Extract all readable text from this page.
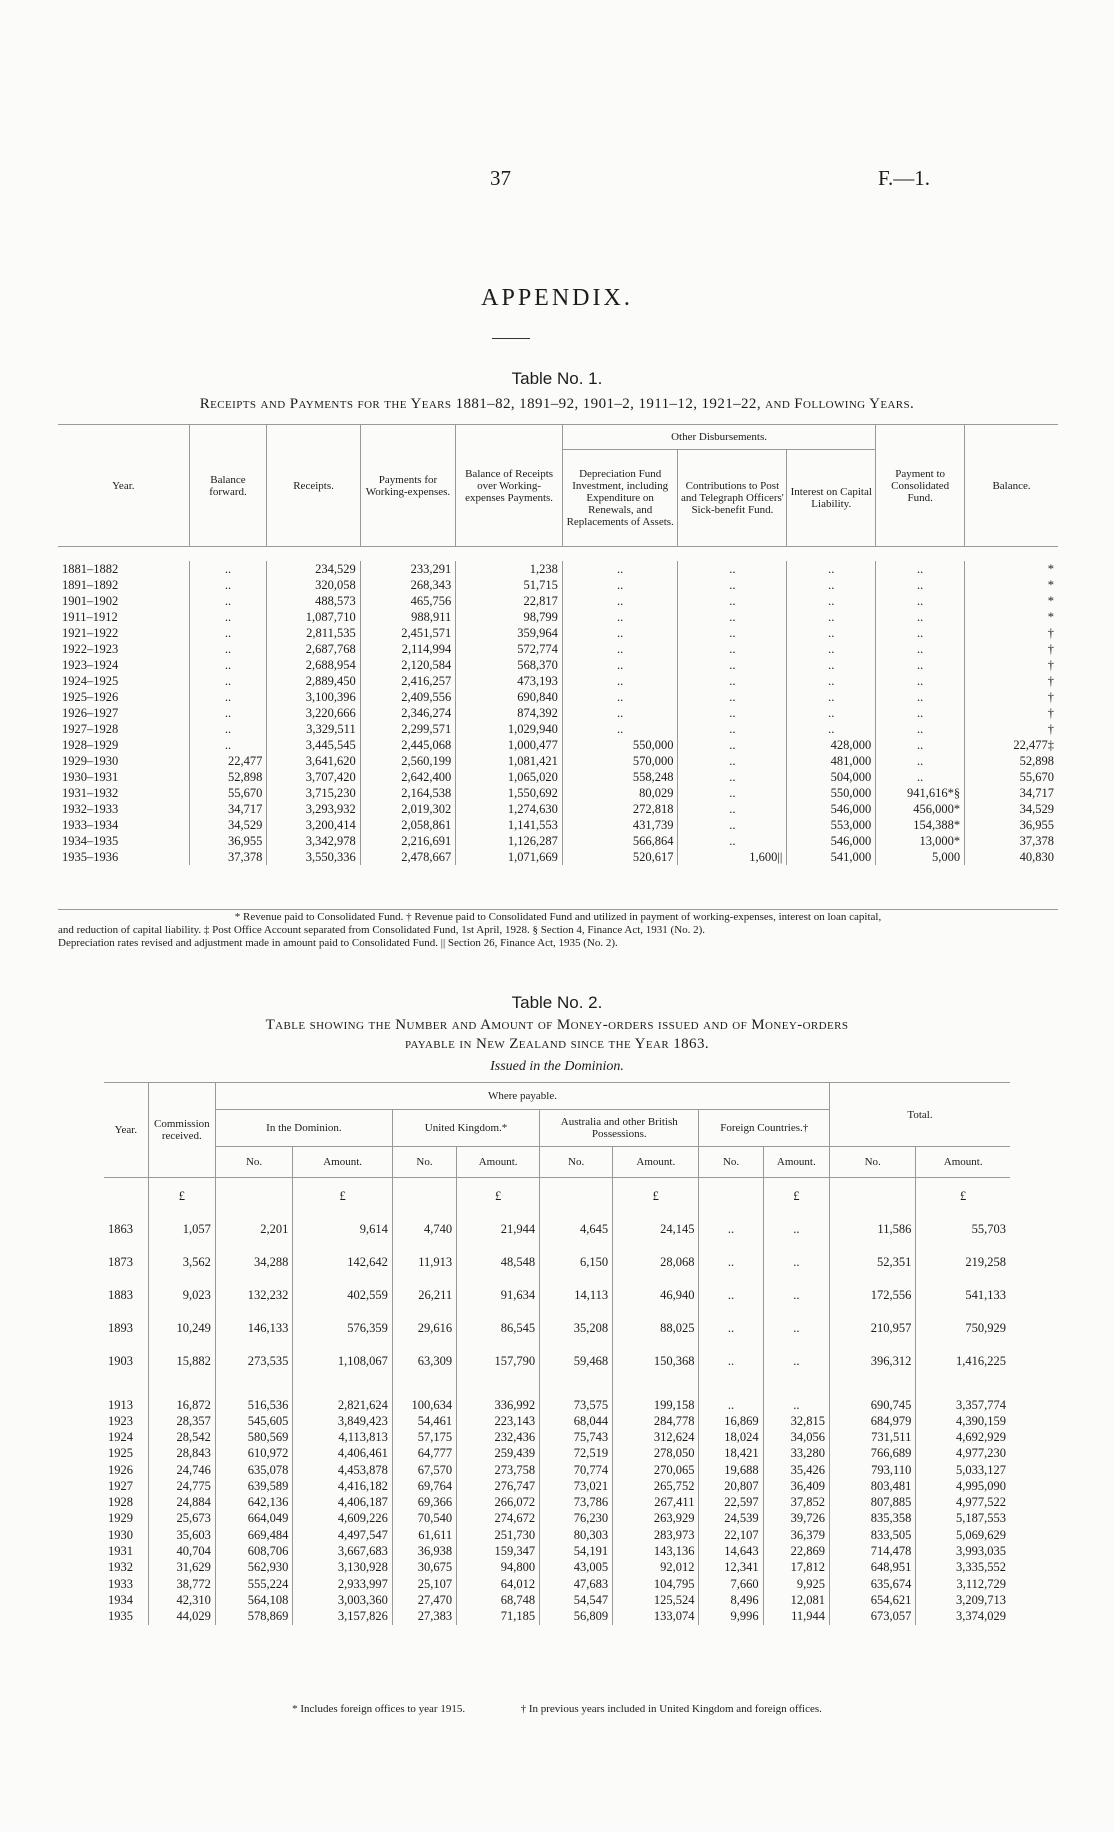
37	F.—1.
APPENDIX.
Table No. 1.
Receipts and Payments for the Years 1881–82, 1891–92, 1901–2, 1911–12, 1921–22, and Following Years.
Year.	Balance forward.	Receipts.	Payments for Working-expenses.	Balance of Receipts over Working-expenses Payments.	Other Disbursements.			Payment to Consolidated Fund.	Balance.
					Depreciation Fund Investment, including Expenditure on Renewals, and Replacements of Assets.	Contributions to Post and Telegraph Officers' Sick-benefit Fund.	Interest on Capital Liability.		

1881–1882	..	234,529	233,291	1,238	..	..	..	..	*
1891–1892	..	320,058	268,343	51,715	..	..	..	..	*
1901–1902	..	488,573	465,756	22,817	..	..	..	..	*
1911–1912	..	1,087,710	988,911	98,799	..	..	..	..	*
1921–1922	..	2,811,535	2,451,571	359,964	..	..	..	..	†
1922–1923	..	2,687,768	2,114,994	572,774	..	..	..	..	†
1923–1924	..	2,688,954	2,120,584	568,370	..	..	..	..	†
1924–1925	..	2,889,450	2,416,257	473,193	..	..	..	..	†
1925–1926	..	3,100,396	2,409,556	690,840	..	..	..	..	†
1926–1927	..	3,220,666	2,346,274	874,392	..	..	..	..	†
1927–1928	..	3,329,511	2,299,571	1,029,940	..	..	..	..	†
1928–1929	..	3,445,545	2,445,068	1,000,477	550,000	..	428,000	..	22,477‡
1929–1930	22,477	3,641,620	2,560,199	1,081,421	570,000	..	481,000	..	52,898
1930–1931	52,898	3,707,420	2,642,400	1,065,020	558,248	..	504,000	..	55,670
1931–1932	55,670	3,715,230	2,164,538	1,550,692	80,029	..	550,000	941,616*§	34,717
1932–1933	34,717	3,293,932	2,019,302	1,274,630	272,818	..	546,000	456,000*	34,529
1933–1934	34,529	3,200,414	2,058,861	1,141,553	431,739	..	553,000	154,388*	36,955
1934–1935	36,955	3,342,978	2,216,691	1,126,287	566,864	..	546,000	13,000*	37,378
1935–1936	37,378	3,550,336	2,478,667	1,071,669	520,617	1,600||	541,000	5,000	40,830
* Revenue paid to Consolidated Fund. † Revenue paid to Consolidated Fund and utilized in payment of working-expenses, interest on loan capital,
and reduction of capital liability. ‡ Post Office Account separated from Consolidated Fund, 1st April, 1928. § Section 4, Finance Act, 1931 (No. 2).
Depreciation rates revised and adjustment made in amount paid to Consolidated Fund. || Section 26, Finance Act, 1935 (No. 2).
Table No. 2.
Table showing the Number and Amount of Money-orders issued and of Money-orders
payable in New Zealand since the Year 1863.
Issued in the Dominion.
Year.	Commission received.	Where payable.								Total.	
		In the Dominion.		United Kingdom.*		Australia and other British Possessions.		Foreign Countries.†			
		No.	Amount.	No.	Amount.	No.	Amount.	No.	Amount.	No.	Amount.
	£		£		£		£		£		£
1863	1,057	2,201	9,614	4,740	21,944	4,645	24,145	..	..	11,586	55,703
1873	3,562	34,288	142,642	11,913	48,548	6,150	28,068	..	..	52,351	219,258
1883	9,023	132,232	402,559	26,211	91,634	14,113	46,940	..	..	172,556	541,133
1893	10,249	146,133	576,359	29,616	86,545	35,208	88,025	..	..	210,957	750,929
1903	15,882	273,535	1,108,067	63,309	157,790	59,468	150,368	..	..	396,312	1,416,225
1913	16,872	516,536	2,821,624	100,634	336,992	73,575	199,158	..	..	690,745	3,357,774
1923	28,357	545,605	3,849,423	54,461	223,143	68,044	284,778	16,869	32,815	684,979	4,390,159
1924	28,542	580,569	4,113,813	57,175	232,436	75,743	312,624	18,024	34,056	731,511	4,692,929
1925	28,843	610,972	4,406,461	64,777	259,439	72,519	278,050	18,421	33,280	766,689	4,977,230
1926	24,746	635,078	4,453,878	67,570	273,758	70,774	270,065	19,688	35,426	793,110	5,033,127
1927	24,775	639,589	4,416,182	69,764	276,747	73,021	265,752	20,807	36,409	803,481	4,995,090
1928	24,884	642,136	4,406,187	69,366	266,072	73,786	267,411	22,597	37,852	807,885	4,977,522
1929	25,673	664,049	4,609,226	70,540	274,672	76,230	263,929	24,539	39,726	835,358	5,187,553
1930	35,603	669,484	4,497,547	61,611	251,730	80,303	283,973	22,107	36,379	833,505	5,069,629
1931	40,704	608,706	3,667,683	36,938	159,347	54,191	143,136	14,643	22,869	714,478	3,993,035
1932	31,629	562,930	3,130,928	30,675	94,800	43,005	92,012	12,341	17,812	648,951	3,335,552
1933	38,772	555,224	2,933,997	25,107	64,012	47,683	104,795	7,660	9,925	635,674	3,112,729
1934	42,310	564,108	3,003,360	27,470	68,748	54,547	125,524	8,496	12,081	654,621	3,209,713
1935	44,029	578,869	3,157,826	27,383	71,185	56,809	133,074	9,996	11,944	673,057	3,374,029
* Includes foreign offices to year 1915.	† In previous years included in United Kingdom and foreign offices.
